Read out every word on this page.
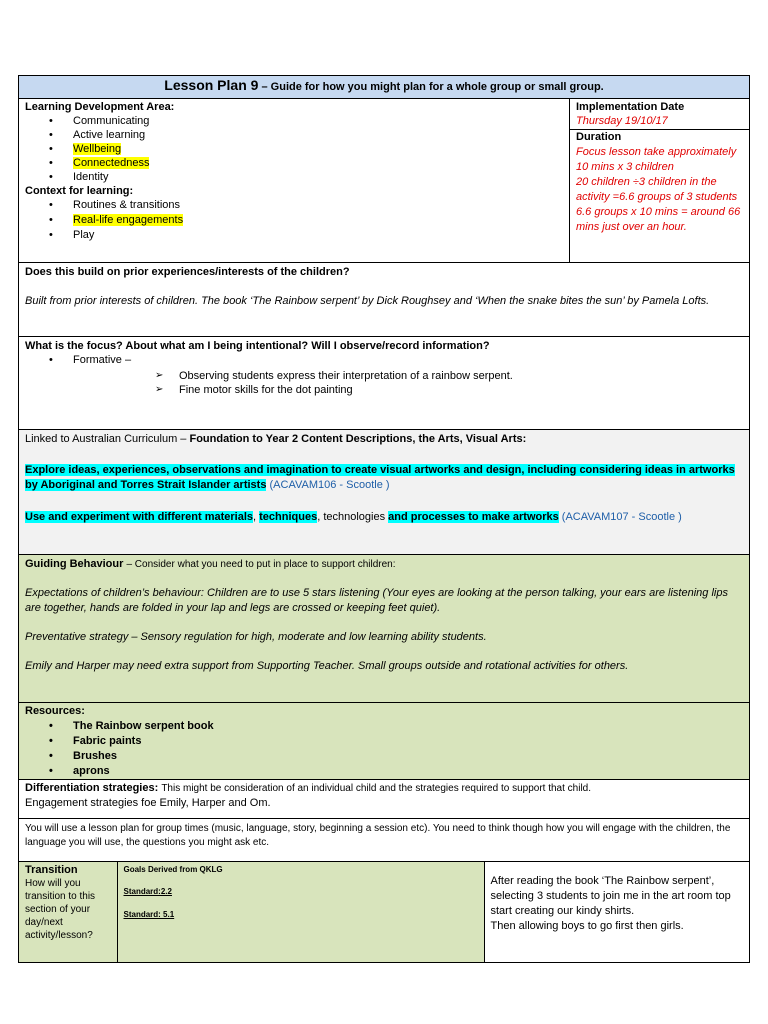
Lesson Plan 9 – Guide for how you might plan for a whole group or small group.

Learning Development Area:

• Communicating
• Active learning
• Wellbeing
• Connectedness
• Identity

Context for learning:

• Routines & transitions
• Real-life engagements
• Play

Implementation Date

Thursday 19/10/17

Duration

Focus lesson take approximately 10 mins x 3 children

20 children ÷3 children in the activity =6.6 groups of 3 students

6.6 groups x 10 mins = around 66 mins just over an hour.

Does this build on prior experiences/interests of the children?

Built from prior interests of children. The book ‘The Rainbow serpent’ by Dick Roughsey and ‘When the snake bites the sun’ by Pamela Lofts.

What is the focus? About what am I being intentional? Will I observe/record information?

• Formative –
➢ Observing students express their interpretation of a rainbow serpent.
➢ Fine motor skills for the dot painting

Linked to Australian Curriculum – Foundation to Year 2 Content Descriptions, the Arts, Visual Arts:

Explore ideas, experiences, observations and imagination to create visual artworks and design, including considering ideas in artworks by Aboriginal and Torres Strait Islander artists (ACAVAM106 - Scootle )

Use and experiment with different materials, techniques, technologies and processes to make artworks (ACAVAM107 - Scootle )

Guiding Behaviour – Consider what you need to put in place to support children:

Expectations of children’s behaviour: Children are to use 5 stars listening (Your eyes are looking at the person talking, your ears are listening lips are together, hands are folded in your lap and legs are crossed or keeping feet quiet).

Preventative strategy – Sensory regulation for high, moderate and low learning ability students.

Emily and Harper may need extra support from Supporting Teacher. Small groups outside and rotational activities for others.

Resources:

• The Rainbow serpent book
• Fabric paints
• Brushes
• aprons

Differentiation strategies: This might be consideration of an individual child and the strategies required to support that child.

Engagement strategies foe Emily, Harper and Om.

You will use a lesson plan for group times (music, language, story, beginning a session etc). You need to think though how you will engage with the children, the language you will use, the questions you might ask etc.

Transition

How will you transition to this section of your day/next activity/lesson?

Goals Derived from QKLG

Standard:2.2

Standard: 5.1

After reading the book ‘The Rainbow serpent’, selecting 3 students to join me in the art room top start creating our kindy shirts.

Then allowing boys to go first then girls.
